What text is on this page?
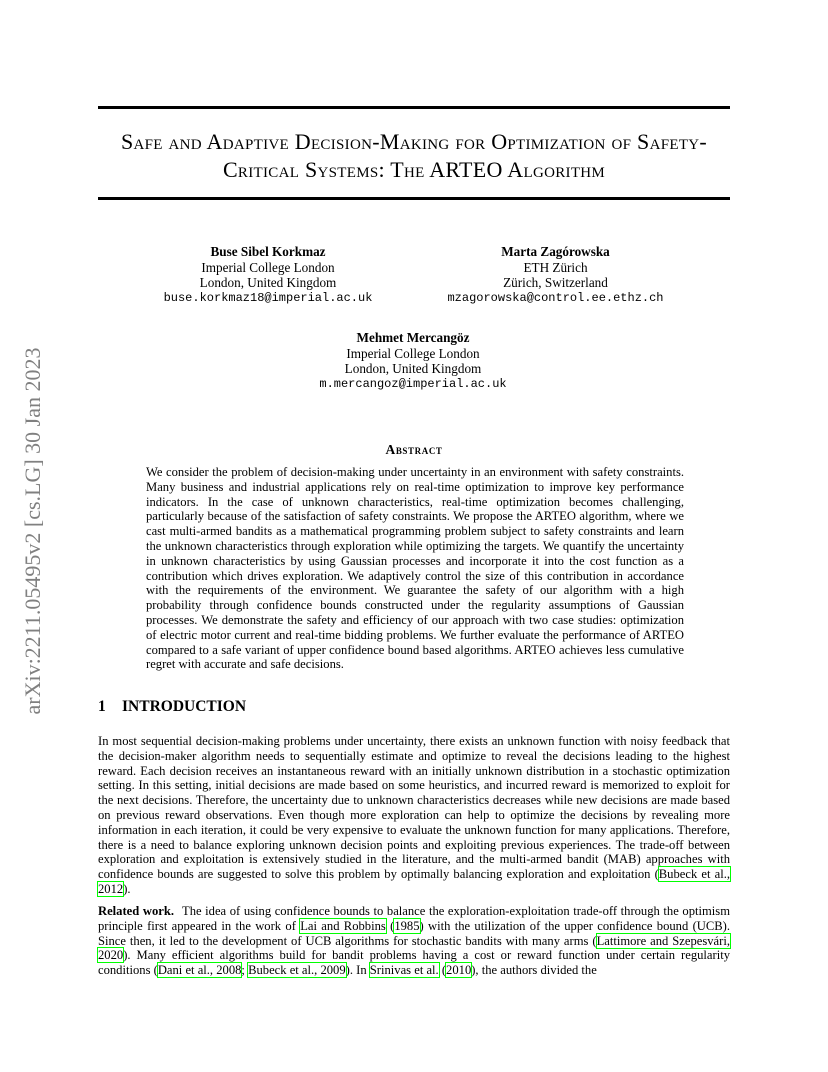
Safe and Adaptive Decision-Making for Optimization of Safety-Critical Systems: The ARTEO Algorithm
arXiv:2211.05495v2 [cs.LG] 30 Jan 2023
Buse Sibel Korkmaz
Imperial College London
London, United Kingdom
buse.korkmaz18@imperial.ac.uk
Marta Zagórowska
ETH Zürich
Zürich, Switzerland
mzagorowska@control.ee.ethz.ch
Mehmet Mercangöz
Imperial College London
London, United Kingdom
m.mercangoz@imperial.ac.uk
Abstract

We consider the problem of decision-making under uncertainty in an environment with safety constraints. Many business and industrial applications rely on real-time optimization to improve key performance indicators. In the case of unknown characteristics, real-time optimization becomes challenging, particularly because of the satisfaction of safety constraints. We propose the ARTEO algorithm, where we cast multi-armed bandits as a mathematical programming problem subject to safety constraints and learn the unknown characteristics through exploration while optimizing the targets. We quantify the uncertainty in unknown characteristics by using Gaussian processes and incorporate it into the cost function as a contribution which drives exploration. We adaptively control the size of this contribution in accordance with the requirements of the environment. We guarantee the safety of our algorithm with a high probability through confidence bounds constructed under the regularity assumptions of Gaussian processes. We demonstrate the safety and efficiency of our approach with two case studies: optimization of electric motor current and real-time bidding problems. We further evaluate the performance of ARTEO compared to a safe variant of upper confidence bound based algorithms. ARTEO achieves less cumulative regret with accurate and safe decisions.

1 INTRODUCTION

In most sequential decision-making problems under uncertainty, there exists an unknown function with noisy feedback that the decision-maker algorithm needs to sequentially estimate and optimize to reveal the decisions leading to the highest reward. Each decision receives an instantaneous reward with an initially unknown distribution in a stochastic optimization setting. In this setting, initial decisions are made based on some heuristics, and incurred reward is memorized to exploit for the next decisions. Therefore, the uncertainty due to unknown characteristics decreases while new decisions are made based on previous reward observations. Even though more exploration can help to optimize the decisions by revealing more information in each iteration, it could be very expensive to evaluate the unknown function for many applications. Therefore, there is a need to balance exploring unknown decision points and exploiting previous experiences. The trade-off between exploration and exploitation is extensively studied in the literature, and the multi-armed bandit (MAB) approaches with confidence bounds are suggested to solve this problem by optimally balancing exploration and exploitation (Bubeck et al., 2012).

Related work. The idea of using confidence bounds to balance the exploration-exploitation trade-off through the optimism principle first appeared in the work of Lai and Robbins (1985) with the utilization of the upper confidence bound (UCB). Since then, it led to the development of UCB algorithms for stochastic bandits with many arms (Lattimore and Szepesvári, 2020). Many efficient algorithms build for bandit problems having a cost or reward function under certain regularity conditions (Dani et al., 2008; Bubeck et al., 2009). In Srinivas et al. (2010), the authors divided the
